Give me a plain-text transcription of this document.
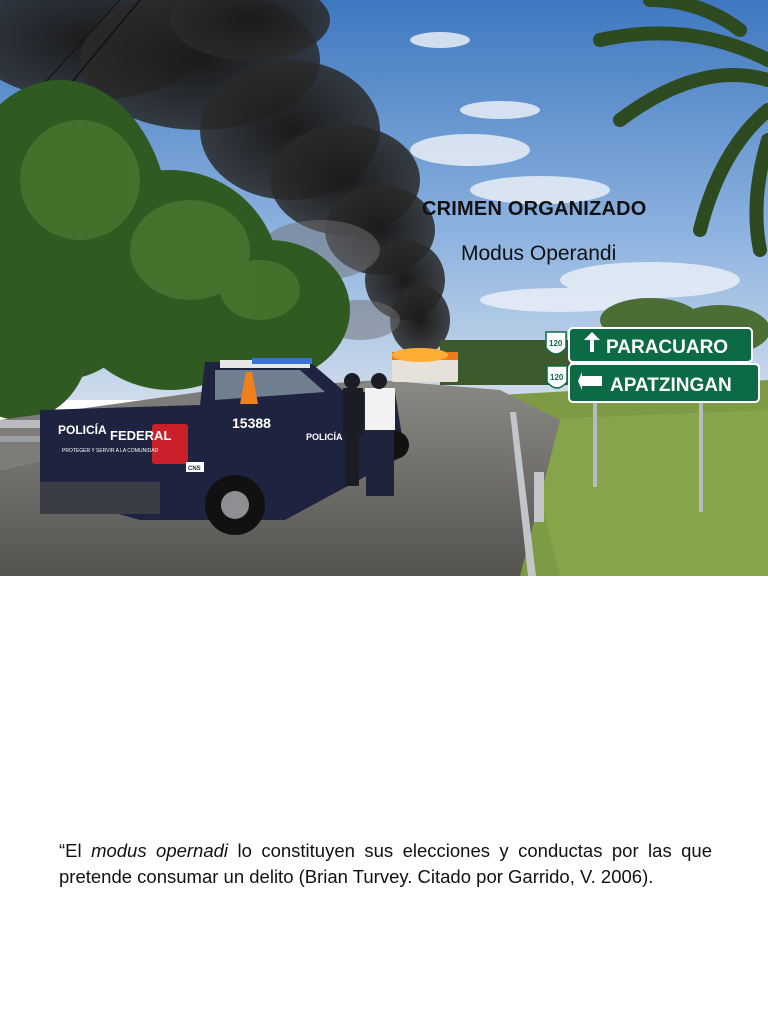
POLICÍA FEDERAL
PROTEGER Y SERVIR A LA COMUNIDAD
15388
POLICÍA
CNS
PARACUARO
APATZINGAN
120
120
CRIMEN ORGANIZADO
Modus Operandi
“El modus opernadi lo constituyen sus elecciones y conductas por las que pretende consumar un delito (Brian Turvey. Citado por Garrido, V. 2006).
